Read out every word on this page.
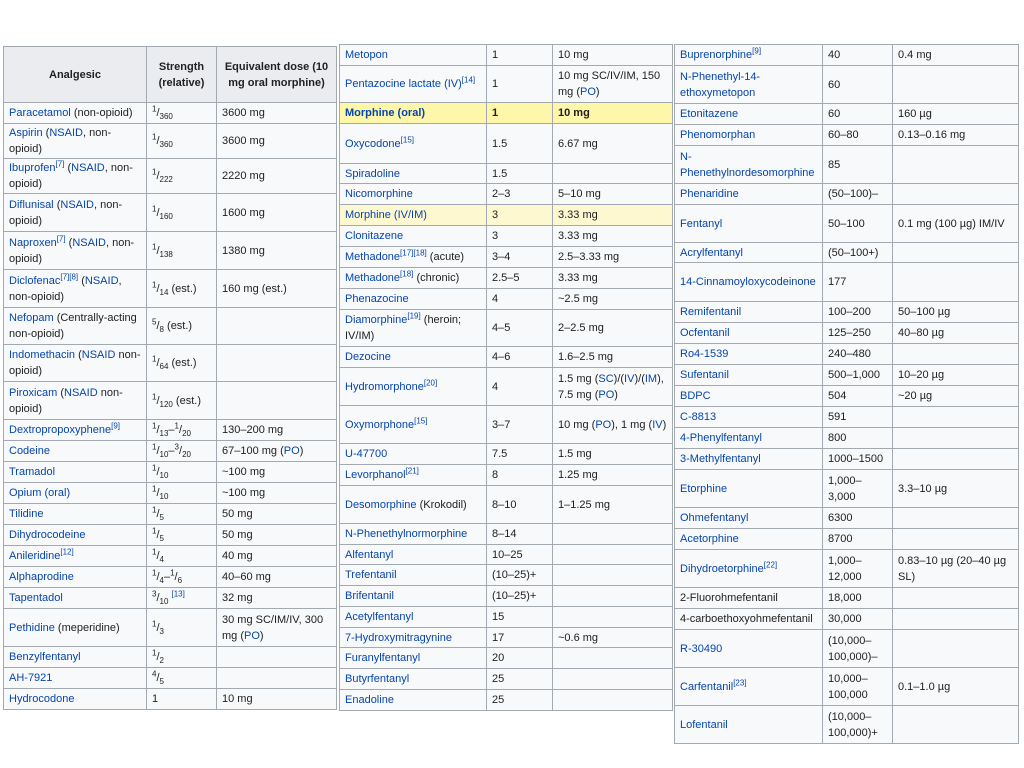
Analgesic	Strength (relative)	Equivalent dose (10 mg oral morphine)
Paracetamol (non-opioid)	$^1/_{360}$	3600 mg
Aspirin (NSAID, non-opioid)	$^1/_{360}$	3600 mg
Ibuprofen[7] (NSAID, non-opioid)	$^1/_{222}$	2220 mg
Diflunisal (NSAID, non-opioid)	$^1/_{160}$	1600 mg
Naproxen[7] (NSAID, non-opioid)	$^1/_{138}$	1380 mg
Diclofenac[7][8] (NSAID, non-opioid)	$^1/_{14}$ (est.)	160 mg (est.)
Nefopam (Centrally-acting non-opioid)	$^5/_8$ (est.)	
Indomethacin (NSAID non-opioid)	$^1/_{64}$ (est.)	
Piroxicam (NSAID non-opioid)	$^1/_{120}$ (est.)	
Dextropropoxyphene[9]	$^1/_{13}-^1/_{20}$	130–200 mg
Codeine	$^1/_{10}-^3/_{20}$	67–100 mg (PO)
Tramadol	$^1/_{10}$	~100 mg
Opium (oral)	$^1/_{10}$	~100 mg
Tilidine	$^1/_5$	50 mg
Dihydrocodeine	$^1/_5$	50 mg
Anileridine[12]	$^1/_4$	40 mg
Alphaprodine	$^1/_4-^1/_6$	40–60 mg
Tapentadol	$^3/_{10}$ [13]	32 mg
Pethidine (meperidine)	$^1/_3$	30 mg SC/IM/IV, 300 mg (PO)
Benzylfentanyl	$^1/_2$	
AH-7921	$^4/_5$	
Hydrocodone	1	10 mg
Metopon	1	10 mg
Pentazocine lactate (IV)[14]	1	10 mg SC/IV/IM, 150 mg (PO)
Morphine (oral)	1	10 mg
Oxycodone[15]	1.5	6.67 mg
Spiradoline	1.5	
Nicomorphine	2–3	5–10 mg
Morphine (IV/IM)	3	3.33 mg
Clonitazene	3	3.33 mg
Methadone[17][18] (acute)	3–4	2.5–3.33 mg
Methadone[18] (chronic)	2.5–5	3.33 mg
Phenazocine	4	~2.5 mg
Diamorphine[19] (heroin; IV/IM)	4–5	2–2.5 mg
Dezocine	4–6	1.6–2.5 mg
Hydromorphone[20]	4	1.5 mg (SC)/(IV)/(IM), 7.5 mg (PO)
Oxymorphone[15]	3–7	10 mg (PO), 1 mg (IV)
U-47700	7.5	1.5 mg
Levorphanol[21]	8	1.25 mg
Desomorphine (Krokodil)	8–10	1–1.25 mg
N-Phenethylnormorphine	8–14	
Alfentanyl	10–25	
Trefentanil	(10–25)+	
Brifentanil	(10–25)+	
Acetylfentanyl	15	
7-Hydroxymitragynine	17	~0.6 mg
Furanylfentanyl	20	
Butyrfentanyl	25	
Enadoline	25	
Buprenorphine[9]	40	0.4 mg
N-Phenethyl-14-ethoxymetopon	60	
Etonitazene	60	160 µg
Phenomorphan	60–80	0.13–0.16 mg
N-Phenethylnordesomorphine	85	
Phenaridine	(50–100)–	
Fentanyl	50–100	0.1 mg (100 µg) IM/IV
Acrylfentanyl	(50–100+)	
14-Cinnamoyloxycodeinone	177	
Remifentanil	100–200	50–100 µg
Ocfentanil	125–250	40–80 µg
Ro4-1539	240–480	
Sufentanil	500–1,000	10–20 µg
BDPC	504	~20 µg
C-8813	591	
4-Phenylfentanyl	800	
3-Methylfentanyl	1000–1500	
Etorphine	1,000–3,000	3.3–10 µg
Ohmefentanyl	6300	
Acetorphine	8700	
Dihydroetorphine[22]	1,000–12,000	0.83–10 µg (20–40 µg SL)
2-Fluorohmefentanil	18,000	
4-carboethoxyohmefentanil	30,000	
R-30490	(10,000–100,000)–	
Carfentanil[23]	10,000–100,000	0.1–1.0 µg
Lofentanil	(10,000–100,000)+	
